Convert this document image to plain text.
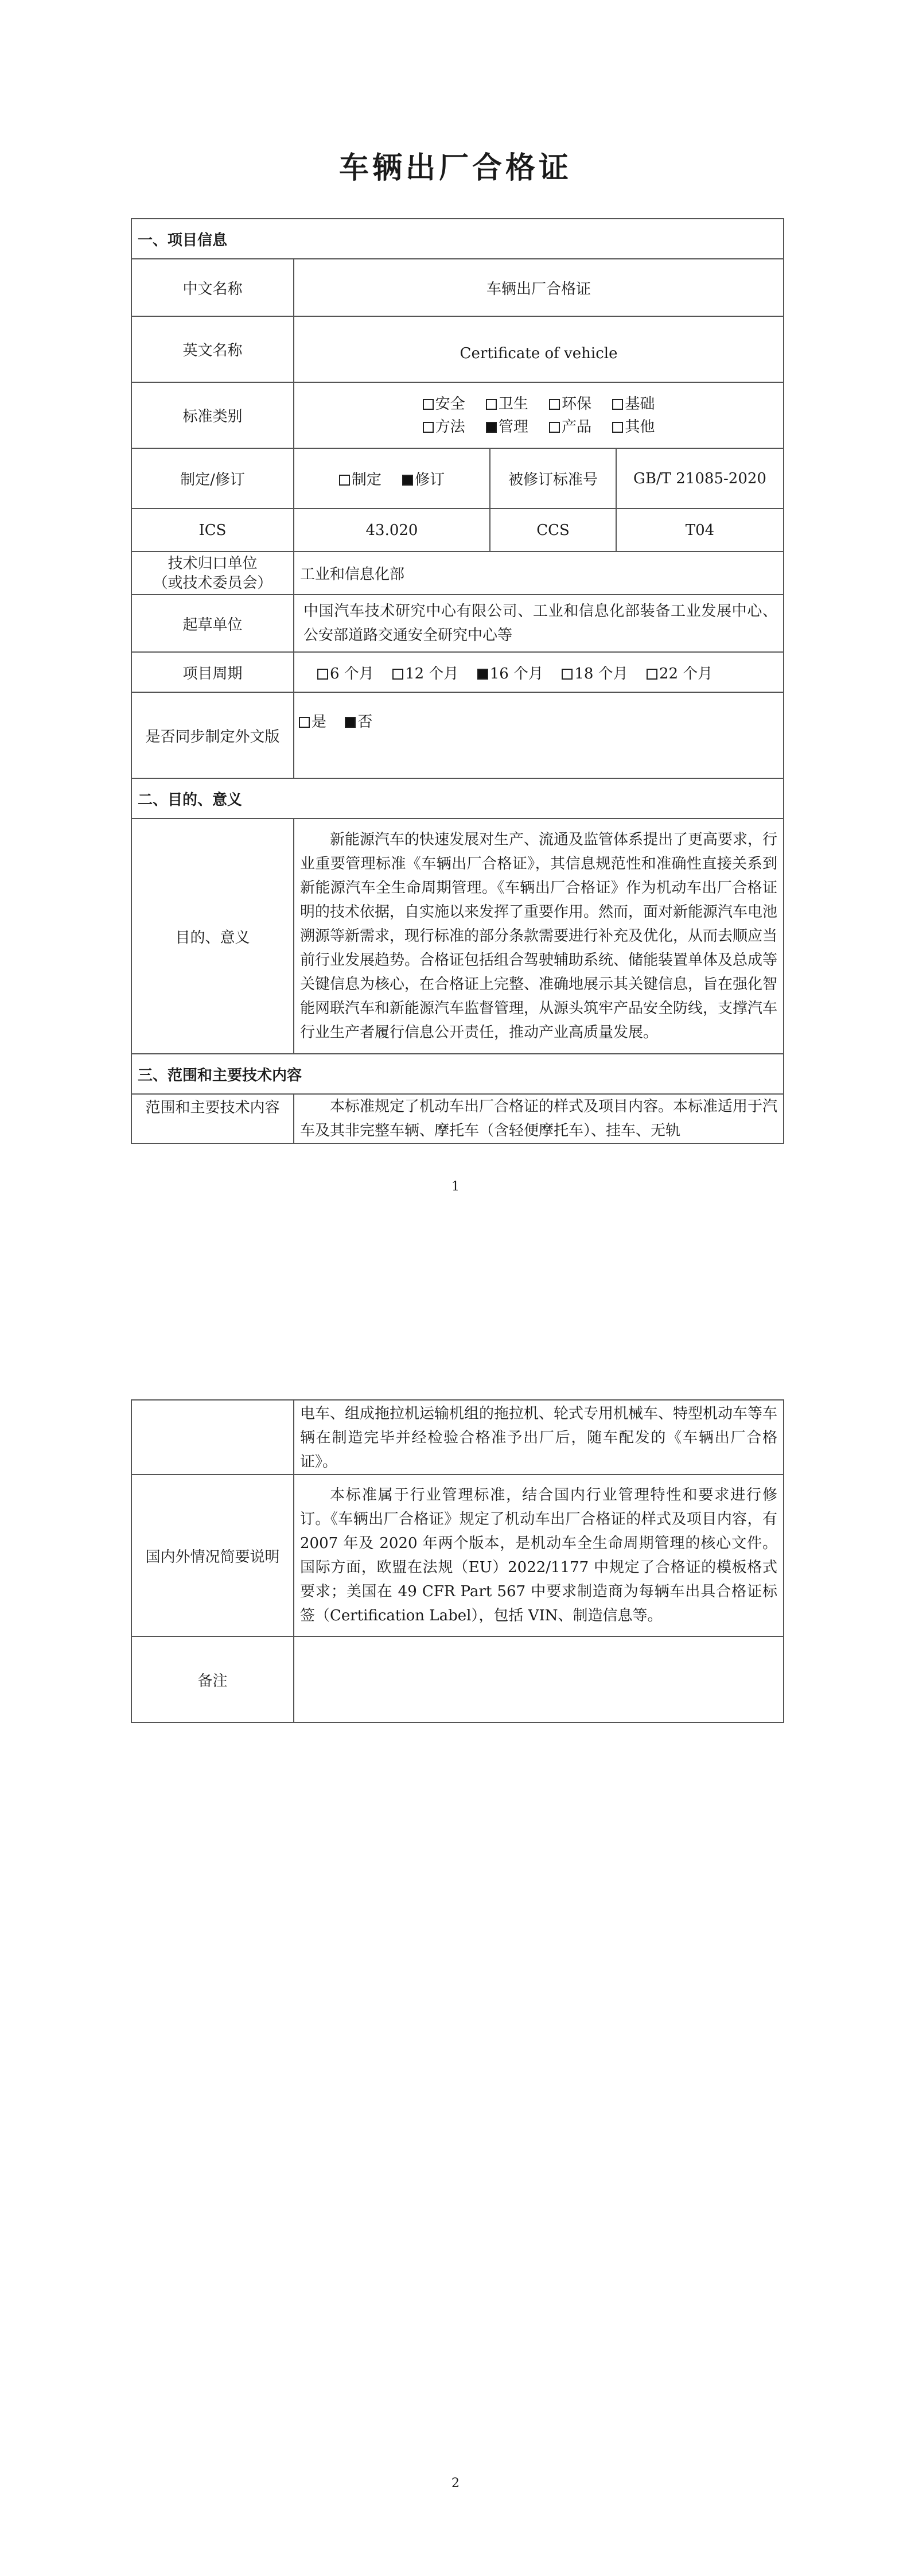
车辆出厂合格证
一、项目信息			
中文名称	车辆出厂合格证		
英文名称	Certificate of vehicle		
标准类别	安全 卫生 环保 基础
方法 管理 产品 其他		

制定/修订	制定 修订	被修订标准号	GB/T 21085-2020
ICS	43.020	CCS	T04

技术归口单位
（或技术委员会）	工业和信息化部		
起草单位	中国汽车技术研究中心有限公司、工业和信息化部装备工业发展中心、公安部道路交通安全研究中心等		
项目周期	6 个月 12 个月 16 个月 18 个月 22 个月		
是否同步制定外文版	是 否		
二、目的、意义			
目的、意义	新能源汽车的快速发展对生产、流通及监管体系提出了更高要求，行业重要管理标准《车辆出厂合格证》，其信息规范性和准确性直接关系到新能源汽车全生命周期管理。《车辆出厂合格证》作为机动车出厂合格证明的技术依据，自实施以来发挥了重要作用。然而，面对新能源汽车电池溯源等新需求，现行标准的部分条款需要进行补充及优化，从而去顺应当前行业发展趋势。合格证包括组合驾驶辅助系统、储能装置单体及总成等关键信息为核心，在合格证上完整、准确地展示其关键信息，旨在强化智能网联汽车和新能源汽车监督管理，从源头筑牢产品安全防线，支撑汽车行业生产者履行信息公开责任，推动产业高质量发展。		
三、范围和主要技术内容			
范围和主要技术内容	本标准规定了机动车出厂合格证的样式及项目内容。本标准适用于汽车及其非完整车辆、摩托车（含轻便摩托车）、挂车、无轨		
1
	电车、组成拖拉机运输机组的拖拉机、轮式专用机械车、特型机动车等车辆在制造完毕并经检验合格准予出厂后，随车配发的《车辆出厂合格证》。
国内外情况简要说明	本标准属于行业管理标准，结合国内行业管理特性和要求进行修订。《车辆出厂合格证》规定了机动车出厂合格证的样式及项目内容，有 2007 年及 2020 年两个版本，是机动车全生命周期管理的核心文件。 国际方面，欧盟在法规（EU）2022/1177 中规定了合格证的模板格式要求；美国在 49 CFR Part 567 中要求制造商为每辆车出具合格证标签（Certification Label），包括 VIN、制造信息等。
备注	
2
